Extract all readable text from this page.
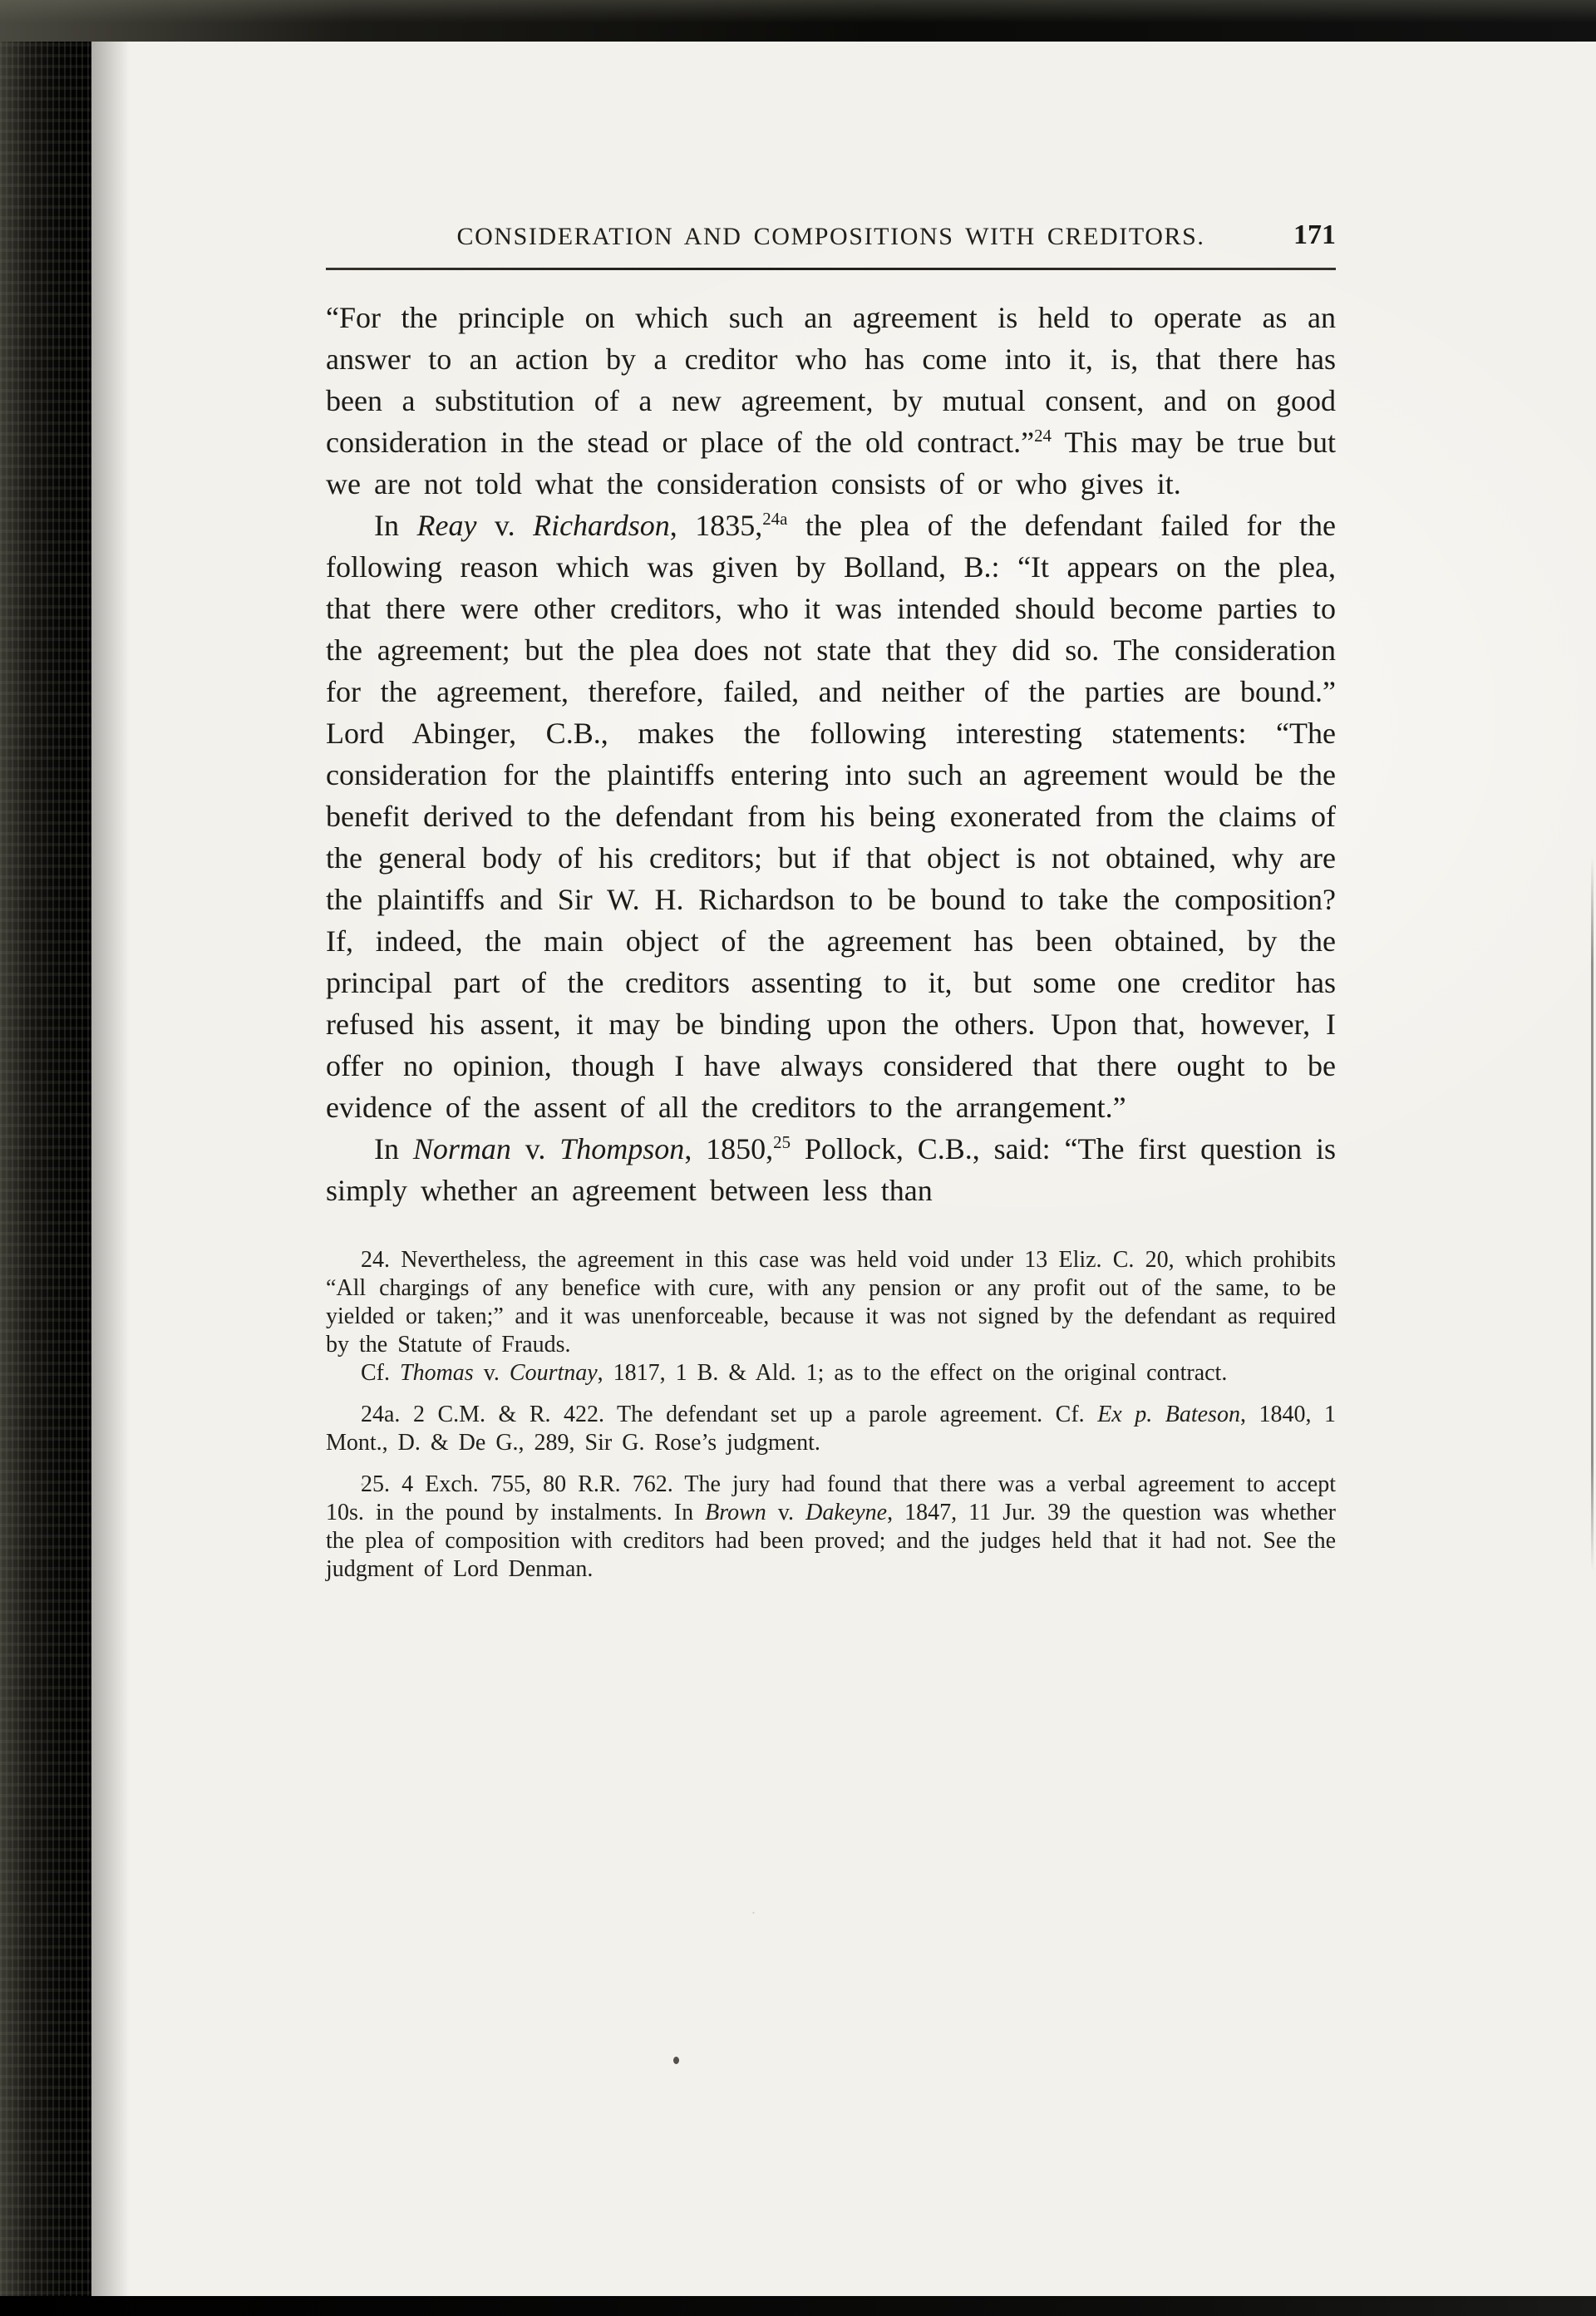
CONSIDERATION AND COMPOSITIONS WITH CREDITORS.	171

“For the principle on which such an agreement is held to operate as an answer to an action by a creditor who has come into it, is, that there has been a substitution of a new agreement, by mutual consent, and on good consideration in the stead or place of the old contract.”$^{24}$ This may be true but we are not told what the consideration consists of or who gives it.

In Reay v. Richardson, 1835,$^{24a}$ the plea of the defendant failed for the following reason which was given by Bolland, B.: “It appears on the plea, that there were other creditors, who it was intended should become parties to the agreement; but the plea does not state that they did so. The consideration for the agreement, therefore, failed, and neither of the parties are bound.” Lord Abinger, C.B., makes the following interesting statements: “The consideration for the plaintiffs entering into such an agreement would be the benefit derived to the defendant from his being exonerated from the claims of the general body of his creditors; but if that object is not obtained, why are the plaintiffs and Sir W. H. Richardson to be bound to take the composition? If, indeed, the main object of the agreement has been obtained, by the principal part of the creditors assenting to it, but some one creditor has refused his assent, it may be binding upon the others. Upon that, however, I offer no opinion, though I have always considered that there ought to be evidence of the assent of all the creditors to the arrangement.”

In Norman v. Thompson, 1850,25 Pollock, C.B., said: “The first question is simply whether an agreement between less than

24. Nevertheless, the agreement in this case was held void under 13 Eliz. C. 20, which prohibits “All chargings of any benefice with cure, with any pension or any profit out of the same, to be yielded or taken;” and it was unenforceable, because it was not signed by the defendant as required by the Statute of Frauds.

Cf. Thomas v. Courtnay, 1817, 1 B. & Ald. 1; as to the effect on the original contract.

24a. 2 C.M. & R. 422. The defendant set up a parole agreement. Cf. Ex p. Bateson, 1840, 1 Mont., D. & De G., 289, Sir G. Rose’s judgment.

25. 4 Exch. 755, 80 R.R. 762. The jury had found that there was a verbal agreement to accept 10s. in the pound by instalments. In Brown v. Dakeyne, 1847, 11 Jur. 39 the question was whether the plea of composition with creditors had been proved; and the judges held that it had not. See the judgment of Lord Denman.
